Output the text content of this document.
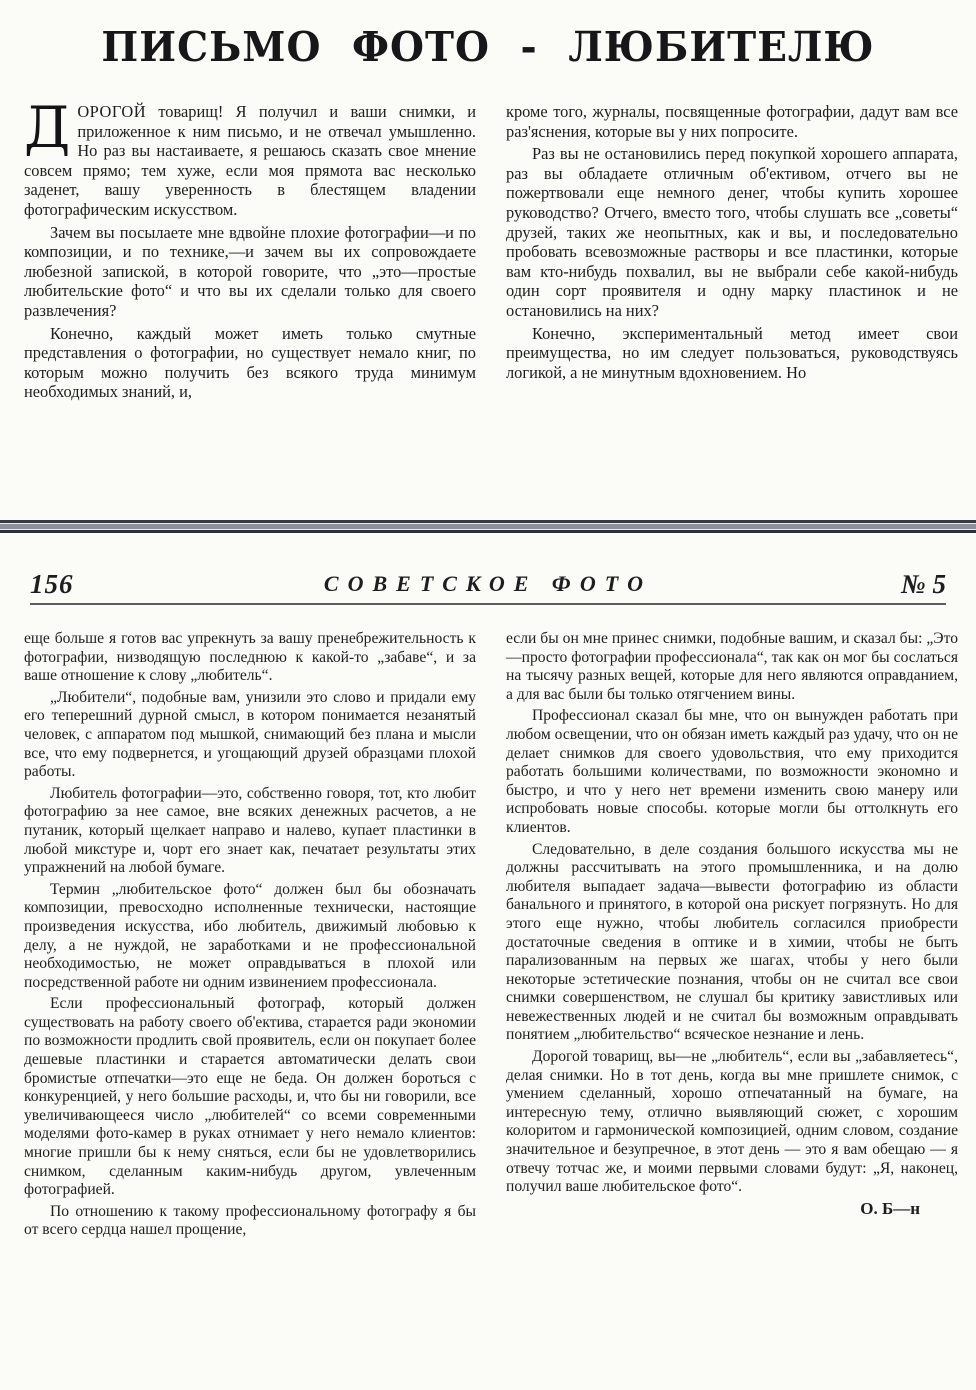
ПИСЬМО ФОТО - ЛЮБИТЕЛЮ

ДОРОГОЙ товарищ! Я получил и ваши снимки, и приложенное к ним письмо, и не отвечал умышленно. Но раз вы настаиваете, я решаюсь сказать свое мнение совсем прямо; тем хуже, если моя прямота вас несколько заденет, вашу уверенность в блестящем владении фотографическим искусством.

Зачем вы посылаете мне вдвойне плохие фотографии—и по композиции, и по технике,—и зачем вы их сопровождаете любезной запиской, в которой говорите, что „это—простые любительские фото“ и что вы их сделали только для своего развлечения?

Конечно, каждый может иметь только смутные представления о фотографии, но существует немало книг, по которым можно получить без всякого труда минимум необходимых знаний, и,

кроме того, журналы, посвященные фотографии, дадут вам все раз'яснения, которые вы у них попросите.

Раз вы не остановились перед покупкой хорошего аппарата, раз вы обладаете отличным об'ективом, отчего вы не пожертвовали еще немного денег, чтобы купить хорошее руководство? Отчего, вместо того, чтобы слушать все „советы“ друзей, таких же неопытных, как и вы, и последовательно пробовать всевозможные растворы и все пластинки, которые вам кто-нибудь похвалил, вы не выбрали себе какой-нибудь один сорт проявителя и одну марку пластинок и не остановились на них?

Конечно, экспериментальный метод имеет свои преимущества, но им следует пользоваться, руководствуясь логикой, а не минутным вдохновением. Но

156	СОВЕТСКОЕ ФОТО	№ 5

еще больше я готов вас упрекнуть за вашу пренебрежительность к фотографии, низводящую последнюю к какой-то „забаве“, и за ваше отношение к слову „любитель“.

„Любители“, подобные вам, унизили это слово и придали ему его теперешний дурной смысл, в котором понимается незанятый человек, с аппаратом под мышкой, снимающий без плана и мысли все, что ему подвернется, и угощающий друзей образцами плохой работы.

Любитель фотографии—это, собственно говоря, тот, кто любит фотографию за нее самое, вне всяких денежных расчетов, а не путаник, который щелкает направо и налево, купает пластинки в любой микстуре и, чорт его знает как, печатает результаты этих упражнений на любой бумаге.

Термин „любительское фото“ должен был бы обозначать композиции, превосходно исполненные технически, настоящие произведения искусства, ибо любитель, движимый любовью к делу, а не нуждой, не заработками и не профессиональной необходимостью, не может оправдываться в плохой или посредственной работе ни одним извинением профессионала.

Если профессиональный фотограф, который должен существовать на работу своего об'ектива, старается ради экономии по возможности продлить свой проявитель, если он покупает более дешевые пластинки и старается автоматически делать свои бромистые отпечатки—это еще не беда. Он должен бороться с конкуренцией, у него большие расходы, и, что бы ни говорили, все увеличивающееся число „любителей“ со всеми современными моделями фото-камер в руках отнимает у него немало клиентов: многие пришли бы к нему сняться, если бы не удовлетворились снимком, сделанным каким-нибудь другом, увлеченным фотографией.

По отношению к такому профессиональному фотографу я бы от всего сердца нашел прощение,

если бы он мне принес снимки, подобные вашим, и сказал бы: „Это—просто фотографии профессионала“, так как он мог бы сослаться на тысячу разных вещей, которые для него являются оправданием, а для вас были бы только отягчением вины.

Профессионал сказал бы мне, что он вынужден работать при любом освещении, что он обязан иметь каждый раз удачу, что он не делает снимков для своего удовольствия, что ему приходится работать большими количествами, по возможности экономно и быстро, и что у него нет времени изменить свою манеру или испробовать новые способы. которые могли бы оттолкнуть его клиентов.

Следовательно, в деле создания большого искусства мы не должны рассчитывать на этого промышленника, и на долю любителя выпадает задача—вывести фотографию из области банального и принятого, в которой она рискует погрязнуть. Но для этого еще нужно, чтобы любитель согласился приобрести достаточные сведения в оптике и в химии, чтобы не быть парализованным на первых же шагах, чтобы у него были некоторые эстетические познания, чтобы он не считал все свои снимки совершенством, не слушал бы критику завистливых или невежественных людей и не считал бы возможным оправдывать понятием „любительство“ всяческое незнание и лень.

Дорогой товарищ, вы—не „любитель“, если вы „забавляетесь“, делая снимки. Но в тот день, когда вы мне пришлете снимок, с умением сделанный, хорошо отпечатанный на бумаге, на интересную тему, отлично выявляющий сюжет, с хорошим колоритом и гармонической композицией, одним словом, создание значительное и безупречное, в этот день — это я вам обещаю — я отвечу тотчас же, и моими первыми словами будут: „Я, наконец, получил ваше любительское фото“.

О. Б—н
